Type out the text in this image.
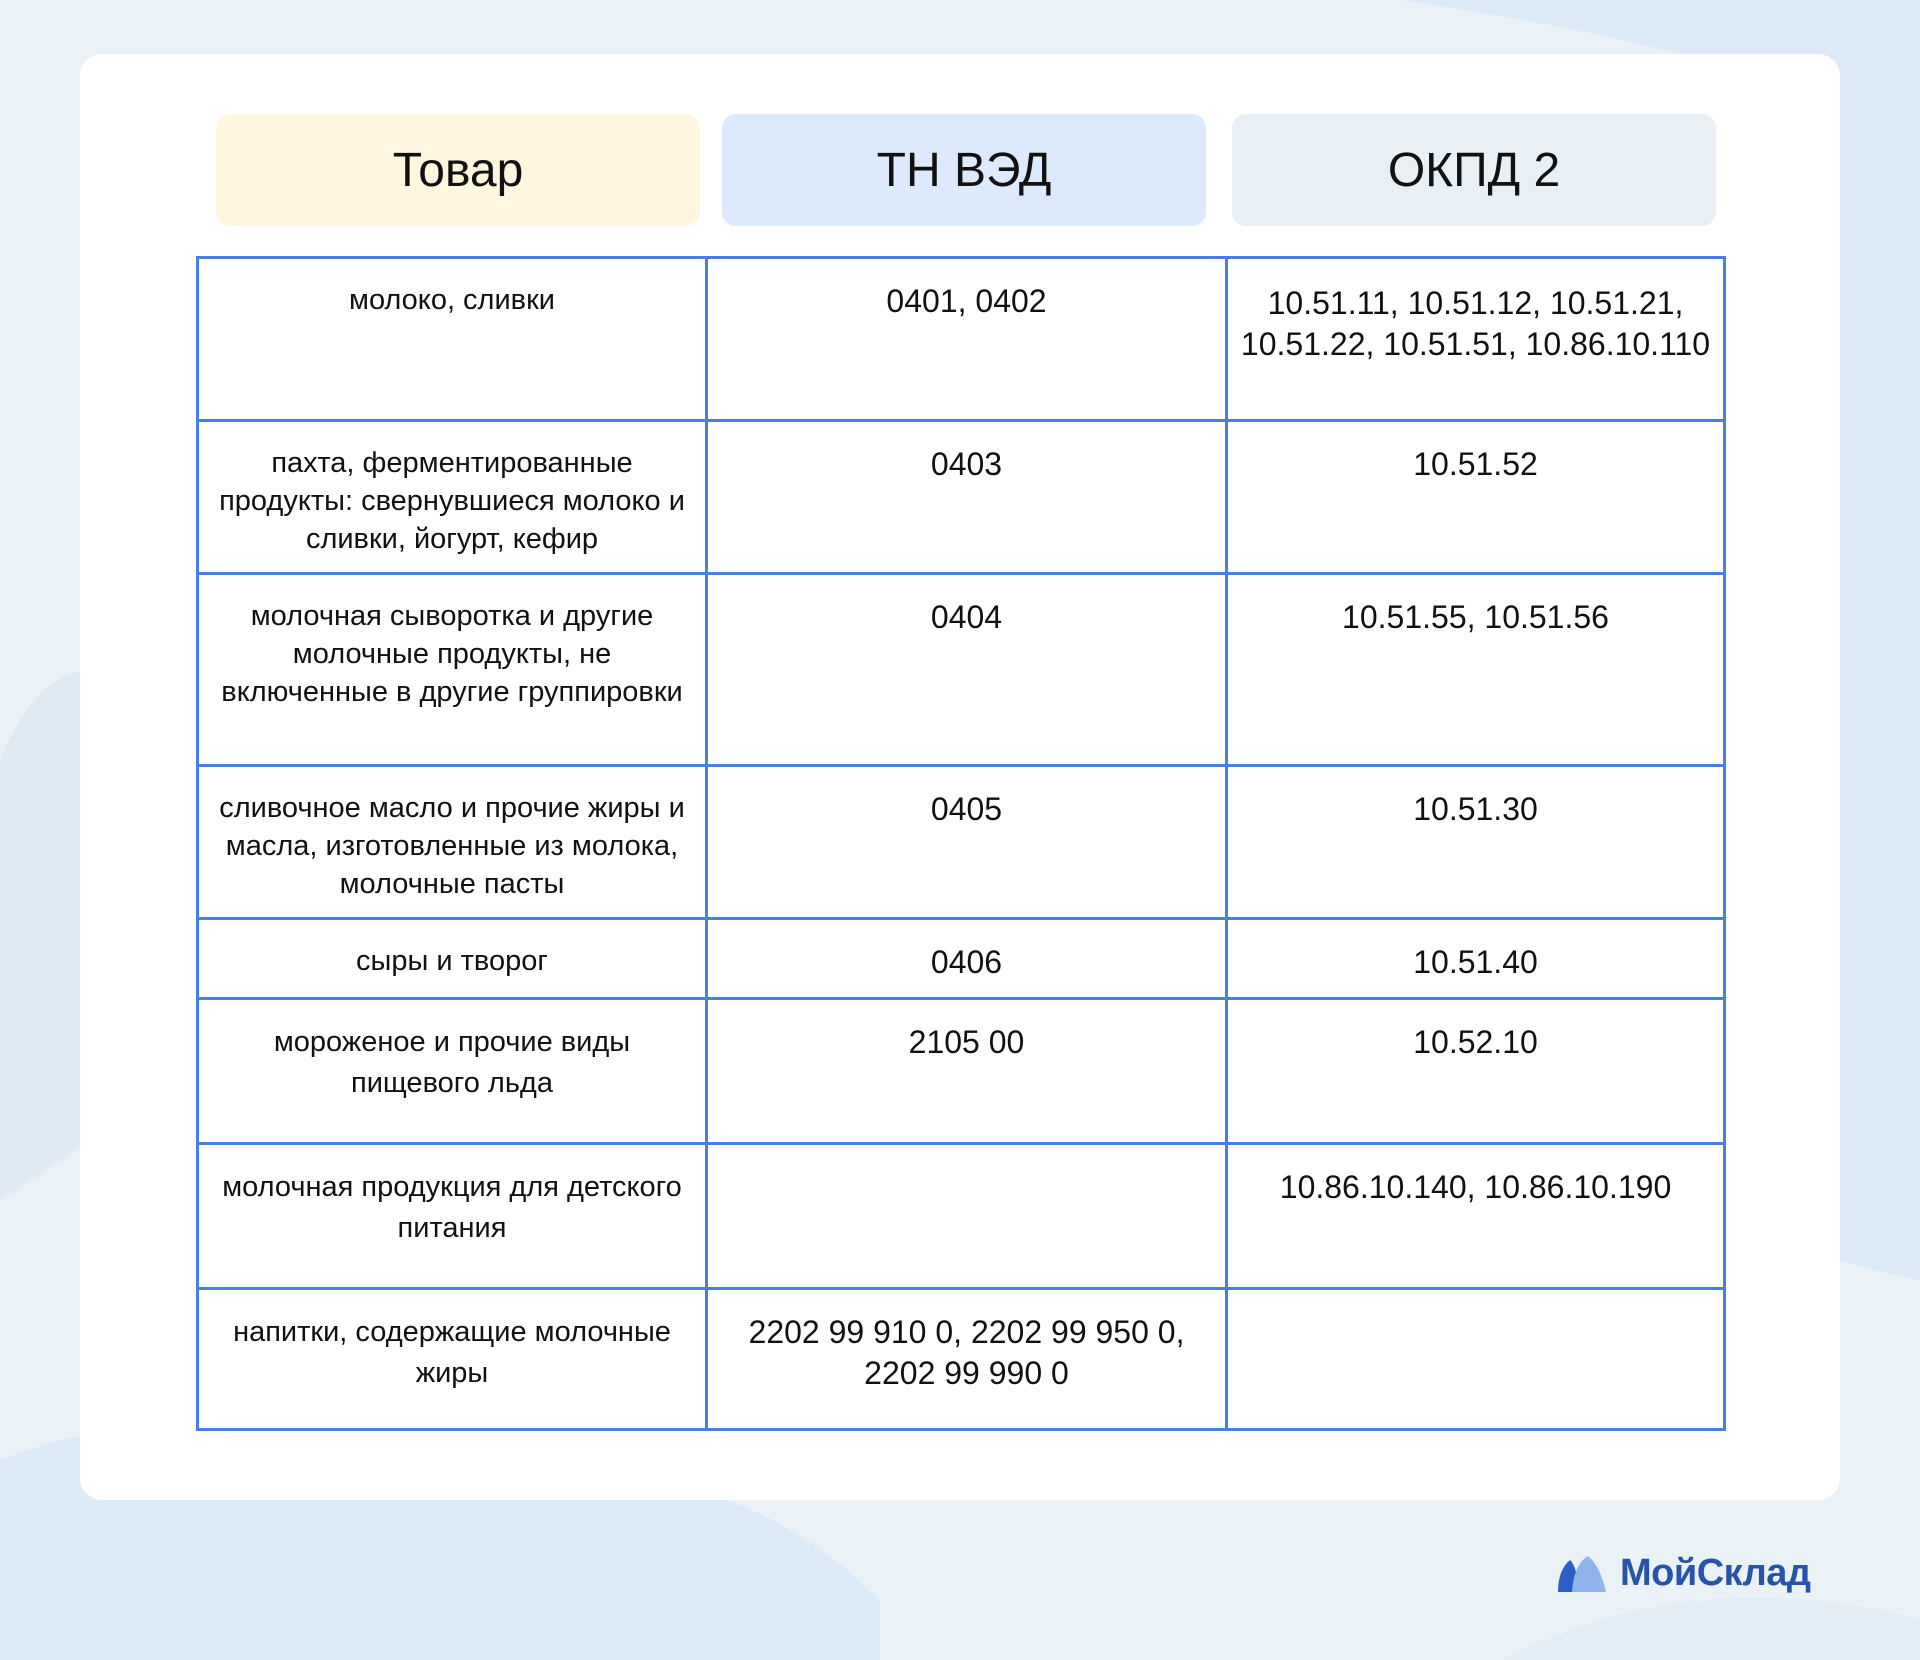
Товар	ТН ВЭД	ОКПД 2
молоко, сливки	0401, 0402	10.51.11, 10.51.12, 10.51.21, 10.51.22, 10.51.51, 10.86.10.110
пахта, ферментированные продукты: свернувшиеся молоко и сливки, йогурт, кефир	0403	10.51.52
молочная сыворотка и другие молочные продукты, не включенные в другие группировки	0404	10.51.55, 10.51.56
сливочное масло и прочие жиры и масла, изготовленные из молока, молочные пасты	0405	10.51.30
сыры и творог	0406	10.51.40
мороженое и прочие виды пищевого льда	2105 00	10.52.10
молочная продукция для детского питания		10.86.10.140, 10.86.10.190
напитки, содержащие молочные жиры	2202 99 910 0, 2202 99 950 0, 2202 99 990 0	
МойСклад
